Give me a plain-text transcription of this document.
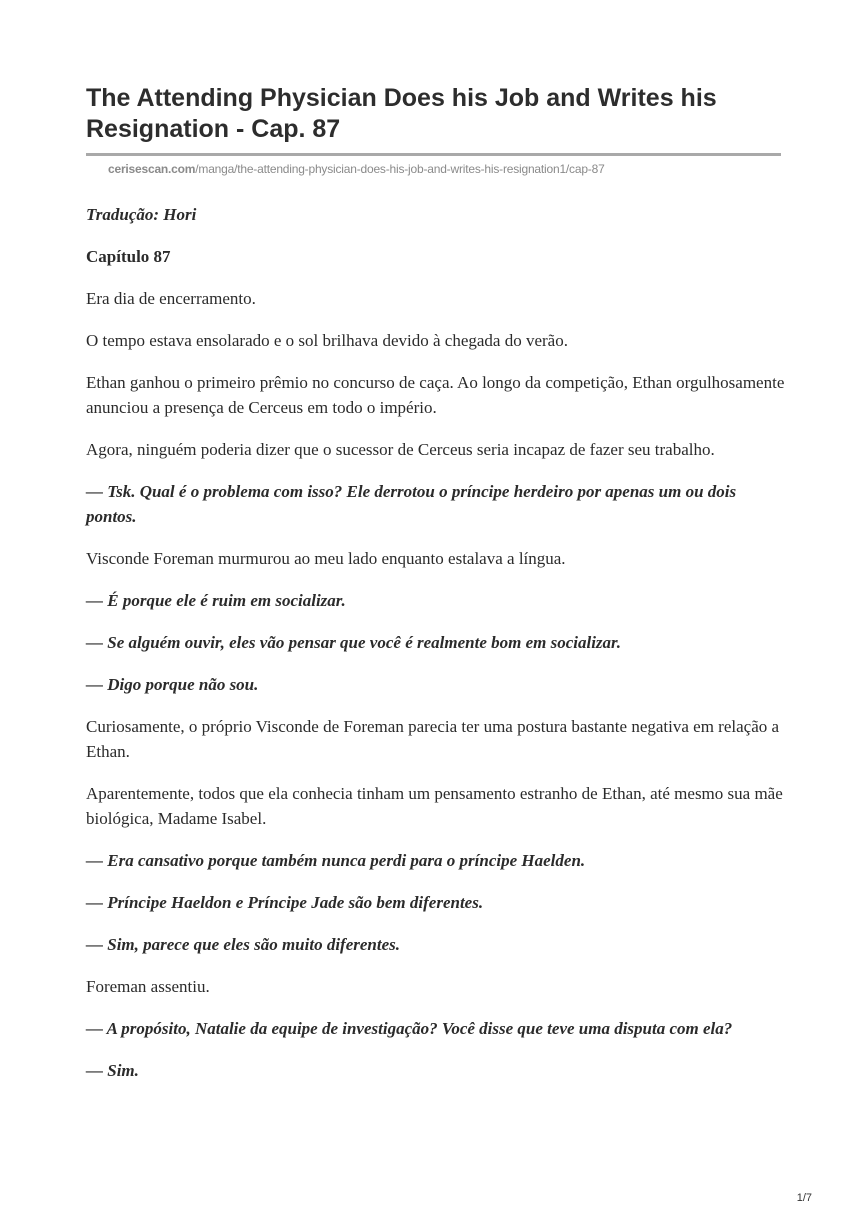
The Attending Physician Does his Job and Writes his Resignation - Cap. 87
cerisescan.com/manga/the-attending-physician-does-his-job-and-writes-his-resignation1/cap-87

Tradução: Hori

Capítulo 87

Era dia de encerramento.

O tempo estava ensolarado e o sol brilhava devido à chegada do verão.

Ethan ganhou o primeiro prêmio no concurso de caça. Ao longo da competição, Ethan orgulhosamente anunciou a presença de Cerceus em todo o império.

Agora, ninguém poderia dizer que o sucessor de Cerceus seria incapaz de fazer seu trabalho.

— Tsk. Qual é o problema com isso? Ele derrotou o príncipe herdeiro por apenas um ou dois pontos.

Visconde Foreman murmurou ao meu lado enquanto estalava a língua.

— É porque ele é ruim em socializar.

— Se alguém ouvir, eles vão pensar que você é realmente bom em socializar.

— Digo porque não sou.

Curiosamente, o próprio Visconde de Foreman parecia ter uma postura bastante negativa em relação a Ethan.

Aparentemente, todos que ela conhecia tinham um pensamento estranho de Ethan, até mesmo sua mãe biológica, Madame Isabel.

— Era cansativo porque também nunca perdi para o príncipe Haelden.

— Príncipe Haeldon e Príncipe Jade são bem diferentes.

— Sim, parece que eles são muito diferentes.

Foreman assentiu.

— A propósito, Natalie da equipe de investigação? Você disse que teve uma disputa com ela?

— Sim.

1/7
